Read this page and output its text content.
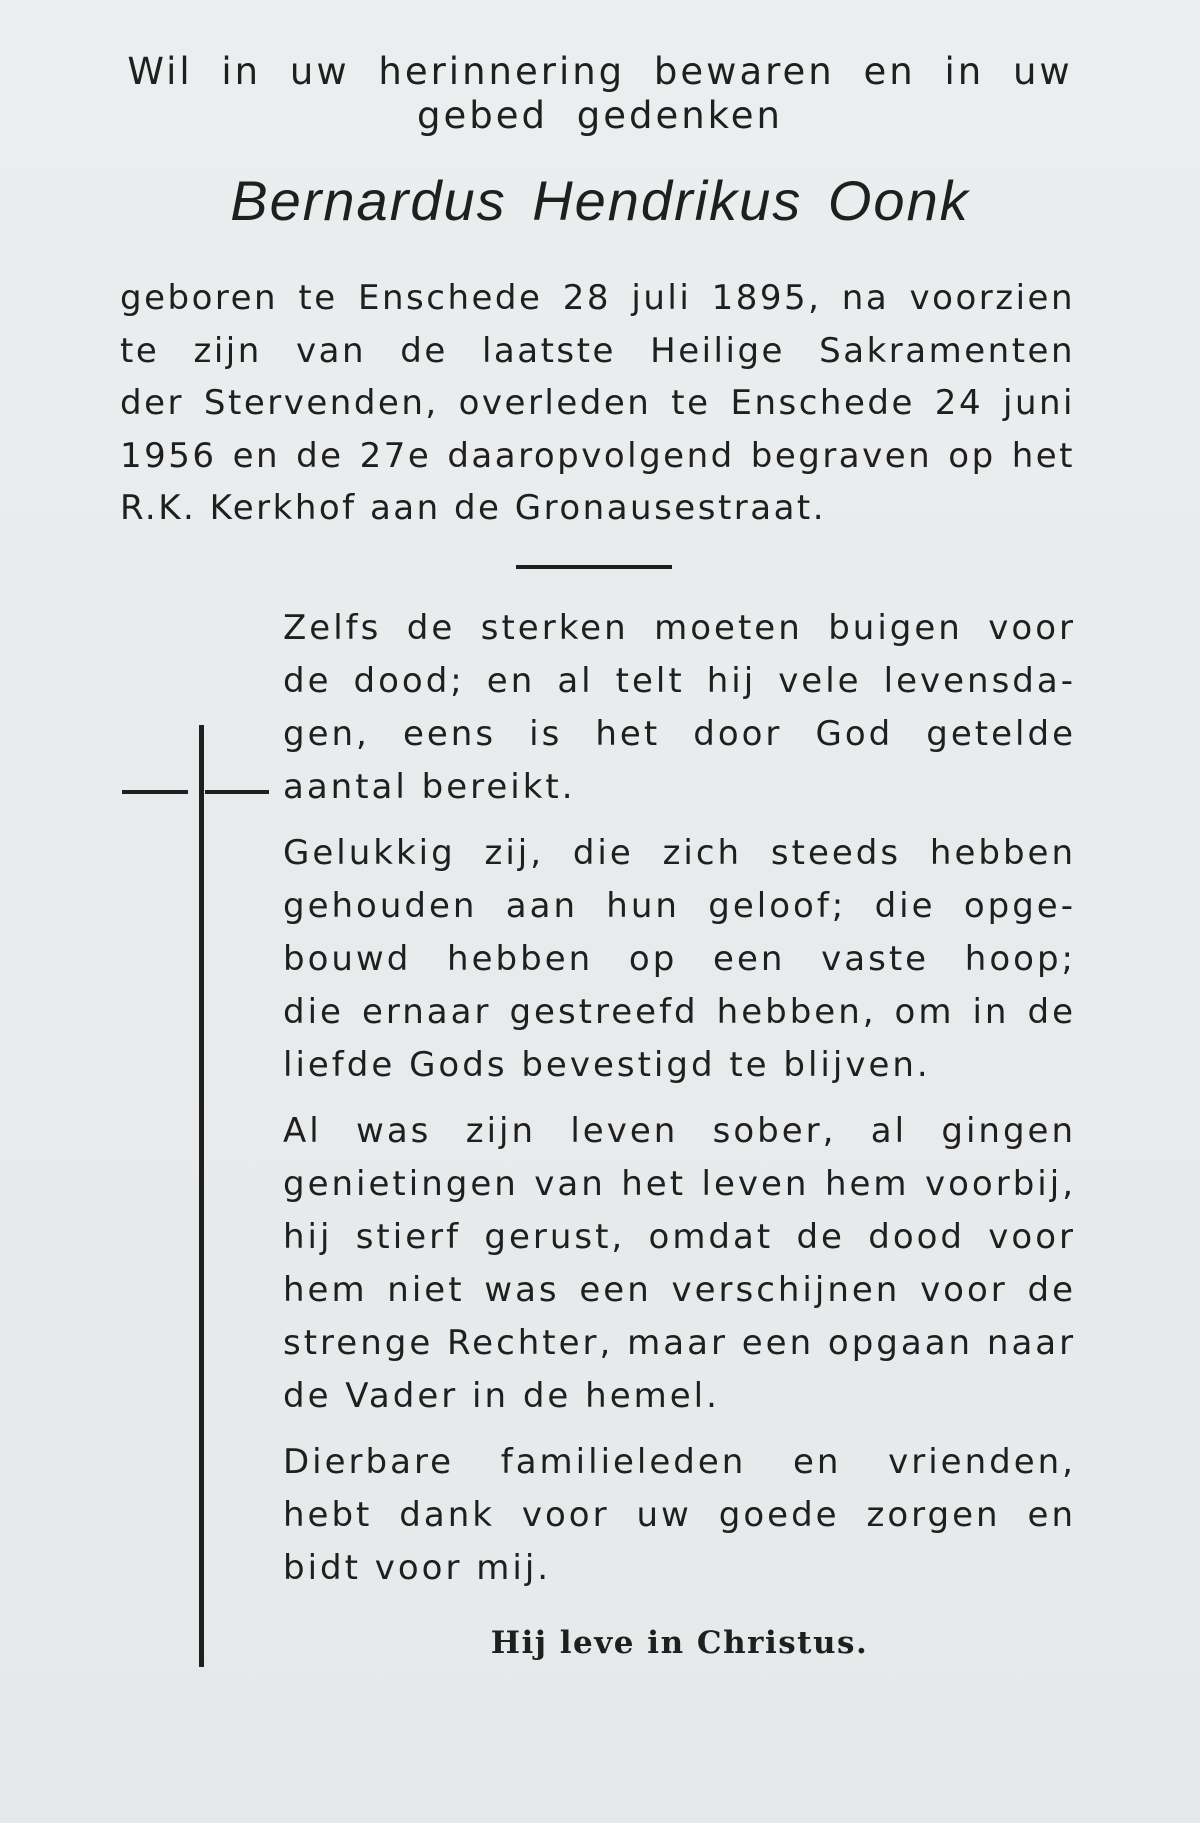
Wil in uw herinnering bewaren en in uw
gebed gedenken
Bernardus Hendrikus Oonk
geboren te Enschede 28 juli 1895, na voorzien
te zijn van de laatste Heilige Sakramenten
der Stervenden, overleden te Enschede 24 juni
1956 en de 27e daaropvolgend begraven op het
R.K. Kerkhof aan de Gronausestraat.
Zelfs de sterken moeten buigen voor
de dood; en al telt hij vele levensda-
gen, eens is het door God getelde
aantal bereikt.
Gelukkig zij, die zich steeds hebben
gehouden aan hun geloof; die opge-
bouwd hebben op een vaste hoop;
die ernaar gestreefd hebben, om in de
liefde Gods bevestigd te blijven.
Al was zijn leven sober, al gingen
genietingen van het leven hem voorbij,
hij stierf gerust, omdat de dood voor
hem niet was een verschijnen voor de
strenge Rechter, maar een opgaan naar
de Vader in de hemel.
Dierbare familieleden en vrienden,
hebt dank voor uw goede zorgen en
bidt voor mij.
Hij leve in Christus.
